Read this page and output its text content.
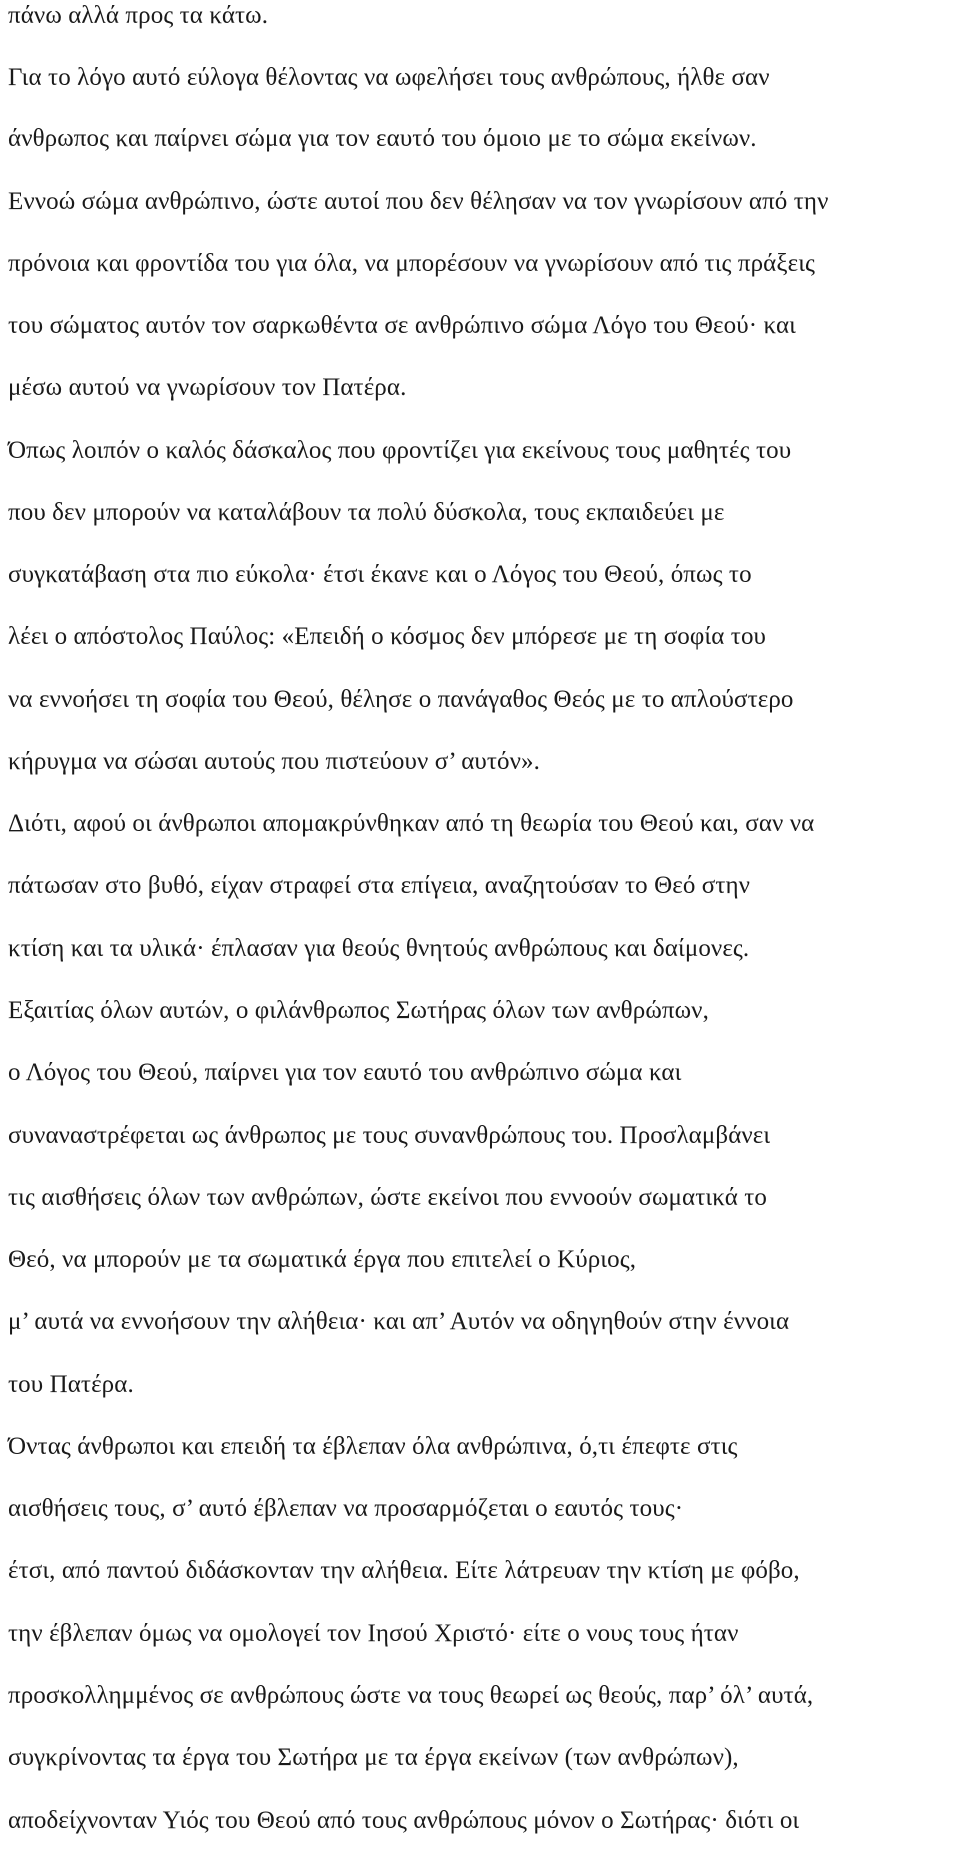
πάνω αλλά προς τα κάτω.
Για το λόγο αυτό εύλογα θέλοντας να ωφελήσει τους ανθρώπους, ήλθε σαν
άνθρωπος και παίρνει σώμα για τον εαυτό του όμοιο με το σώμα εκείνων.
Εννοώ σώμα ανθρώπινο, ώστε αυτοί που δεν θέλησαν να τον γνωρίσουν από την
πρόνοια και φροντίδα του για όλα, να μπορέσουν να γνωρίσουν από τις πράξεις
του σώματος αυτόν τον σαρκωθέντα σε ανθρώπινο σώμα Λόγο του Θεού· και
μέσω αυτού να γνωρίσουν τον Πατέρα.
Όπως λοιπόν ο καλός δάσκαλος που φροντίζει για εκείνους τους μαθητές του
που δεν μπορούν να καταλάβουν τα πολύ δύσκολα, τους εκπαιδεύει με
συγκατάβαση στα πιο εύκολα· έτσι έκανε και ο Λόγος του Θεού, όπως το
λέει ο απόστολος Παύλος: «Επειδή ο κόσμος δεν μπόρεσε με τη σοφία του
να εννοήσει τη σοφία του Θεού, θέλησε ο πανάγαθος Θεός με το απλούστερο
κήρυγμα να σώσαι αυτούς που πιστεύουν σ’ αυτόν».
Διότι, αφού οι άνθρωποι απομακρύνθηκαν από τη θεωρία του Θεού και, σαν να
πάτωσαν στο βυθό, είχαν στραφεί στα επίγεια, αναζητούσαν το Θεό στην
κτίση και τα υλικά· έπλασαν για θεούς θνητούς ανθρώπους και δαίμονες.
Εξαιτίας όλων αυτών, ο φιλάνθρωπος Σωτήρας όλων των ανθρώπων,
ο Λόγος του Θεού, παίρνει για τον εαυτό του ανθρώπινο σώμα και
συναναστρέφεται ως άνθρωπος με τους συνανθρώπους του. Προσλαμβάνει
τις αισθήσεις όλων των ανθρώπων, ώστε εκείνοι που εννοούν σωματικά το
Θεό, να μπορούν με τα σωματικά έργα που επιτελεί ο Κύριος,
μ’ αυτά να εννοήσουν την αλήθεια· και απ’ Αυτόν να οδηγηθούν στην έννοια
του Πατέρα.
Όντας άνθρωποι και επειδή τα έβλεπαν όλα ανθρώπινα, ό,τι έπεφτε στις
αισθήσεις τους, σ’ αυτό έβλεπαν να προσαρμόζεται ο εαυτός τους·
έτσι, από παντού διδάσκονταν την αλήθεια. Είτε λάτρευαν την κτίση με φόβο,
την έβλεπαν όμως να ομολογεί τον Ιησού Χριστό· είτε ο νους τους ήταν
προσκολλημμένος σε ανθρώπους ώστε να τους θεωρεί ως θεούς, παρ’ όλ’ αυτά,
συγκρίνοντας τα έργα του Σωτήρα με τα έργα εκείνων (των ανθρώπων),
αποδείχνονταν Υιός του Θεού από τους ανθρώπους μόνον ο Σωτήρας· διότι οι
